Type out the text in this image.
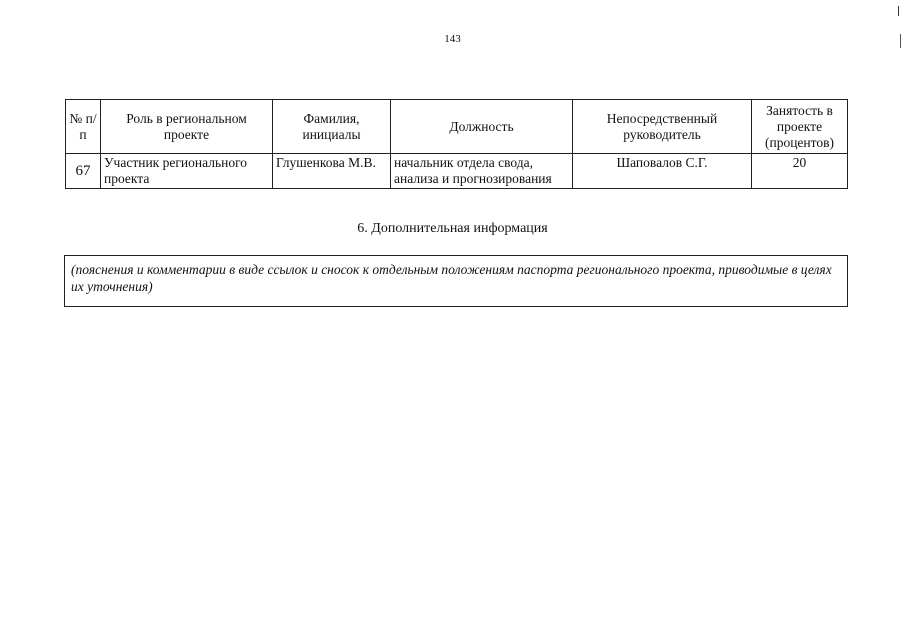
143
№ п/п	Роль в региональном проекте	Фамилия, инициалы	Должность	Непосредственный руководитель	Занятость в проекте (процентов)
67	Участник регионального проекта	Глушенкова М.В.	начальник отдела свода, анализа и прогнозирования	Шаповалов С.Г.	20
6. Дополнительная информация
(пояснения и комментарии в виде ссылок и сносок к отдельным положениям паспорта регионального проекта, приводимые в целях их уточнения)
